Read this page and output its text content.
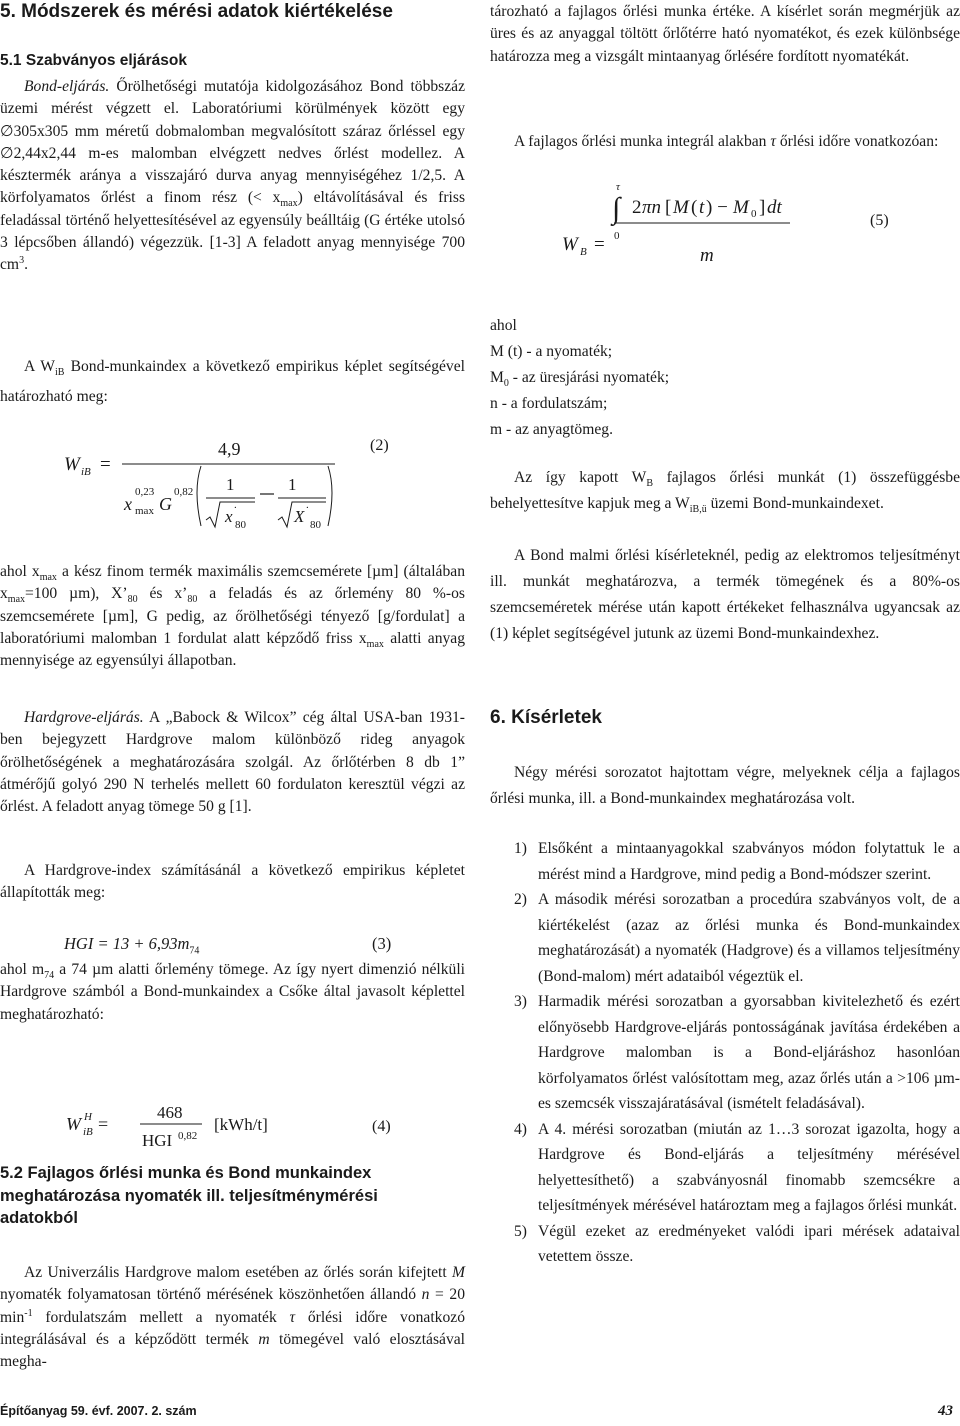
5. Módszerek és mérési adatok kiértékelése
5.1 Szabványos eljárások

Bond-eljárás. Őrölhetőségi mutatója kidolgozásához Bond többszáz üzemi mérést végzett el. Laboratóriumi körülmények között egy ∅305x305 mm méretű dobmalomban megvalósított száraz őrléssel egy ∅2,44x2,44 m-es malomban elvégzett nedves őrlést modellez. A késztermék aránya a visszajáró durva anyag mennyiségéhez 1/2,5. A körfolyamatos őrlést a finom rész (< $x_{max}$) eltávolításával és friss feladással történő helyettesítésével az egyensúly beálltáig (G értéke utolsó 3 lépcsőben állandó) végezzük. [1-3] A feladott anyag mennyisége 700 $cm^3$.

A $W_{iB}$ Bond-munkaindex a következő empirikus képlet segítségével határozható meg:

W iB =
4,9
x
0,23
max G
0,82 1
x
.
80
1
X
.
80
(2)

ahol $x_{max}$ a kész finom termék maximális szemcsemérete [µm] (általában $x_{max}=100$ µm), $X’_{80}$ és $x’_{80}$ a feladás és az őrlemény 80 %-os szemcsemérete [µm], G pedig, az őrölhetőségi tényező [g/fordulat] a laboratóriumi malomban 1 fordulat alatt képződő friss $x_{max}$ alatti anyag mennyisége az egyensúlyi állapotban.

Hardgrove-eljárás. A „Babock & Wilcox” cég által USA-ban 1931-ben bejegyzett Hardgrove malom különböző rideg anyagok őrölhetőségének a meghatározására szolgál. Az őrlőtérben 8 db 1” átmérőjű golyó 290 N terhelés mellett 60 fordulaton keresztül végzi az őrlést. A feladott anyag tömege 50 g [1].

A Hardgrove-index számításánál a következő empirikus képletet állapították meg:

HGI = $13 + 6,93m_{74}$	(3)

ahol $m_{74}$ a 74 µm alatti őrlemény tömege. Az így nyert dimenzió nélküli Hardgrove számból a Bond-munkaindex a Csőke által javasolt képlettel meghatározható:

W iB
H =
468
HGI 0,82
[kWh/t]	(4)
5.2 Fajlagos őrlési munka és Bond munkaindex meghatározása nyomaték ill. teljesítménymérési adatokból

Az Univerzális Hardgrove malom esetében az őrlés során kifejtett M nyomaték folyamatosan történő mérésének köszönhetően állandó n = 20 $\min^{-1}$ fordulatszám mellett a nyomaték τ őrlési időre vonatkozó integrálásával és a képződött termék m tömegével való elosztásával megha-

tározható a fajlagos őrlési munka értéke. A kísérlet során megmérjük az üres és az anyaggal töltött őrlőtérre ható nyomatékot, és ezek különbsége határozza meg a vizsgált mintaanyag őrlésére fordított nyomatékát.

A fajlagos őrlési munka integrál alakban τ őrlési időre vonatkozóan:

W B =
τ
∫
0
2 πn [ M ( t ) − M 0 ] dt
m
(5)
ahol
M (t) - a nyomaték;
$M_0$ - az üresjárási nyomaték;
n - a fordulatszám;
m - az anyagtömeg.

Az így kapott $W_B$ fajlagos őrlési munkát (1) összefüggésbe behelyettesítve kapjuk meg a $W_{iB,ü}$ üzemi Bond-munkaindexet.

A Bond malmi őrlési kísérleteknél, pedig az elektromos teljesítményt ill. munkát meghatározva, a termék tömegének és a 80%-os szemcseméretek mérése után kapott értékeket felhasználva ugyancsak az (1) képlet segítségével jutunk az üzemi Bond-munkaindexhez.

6. Kísérletek

Négy mérési sorozatot hajtottam végre, melyeknek célja a fajlagos őrlési munka, ill. a Bond-munkaindex meghatározása volt.

1) Elsőként a mintaanyagokkal szabványos módon folytattuk le a mérést mind a Hardgrove, mind pedig a Bond-módszer szerint.
2) A második mérési sorozatban a procedúra szabványos volt, de a kiértékelést (azaz az őrlési munka és Bond-munkaindex meghatározását) a nyomaték (Hadgrove) és a villamos teljesítmény (Bond-malom) mért adataiból végeztük el.
3) Harmadik mérési sorozatban a gyorsabban kivitelezhető és ezért előnyösebb Hardgrove-eljárás pontosságának javítása érdekében a Hardgrove malomban is a Bond-eljáráshoz hasonlóan körfolyamatos őrlést valósítottam meg, azaz őrlés után a >106 µm-es szemcsék visszajáratásával (ismételt feladásával).
4) A 4. mérési sorozatban (miután az 1…3 sorozat igazolta, hogy a Hardgrove és Bond-eljárás a teljesítmény mérésével helyettesíthető) a szabványosnál finomabb szemcsékre a teljesítmények mérésével határoztam meg a fajlagos őrlési munkát.
5) Végül ezeket az eredményeket valódi ipari mérések adataival vetettem össze.
Építőanyag 59. évf. 2007. 2. szám	43
